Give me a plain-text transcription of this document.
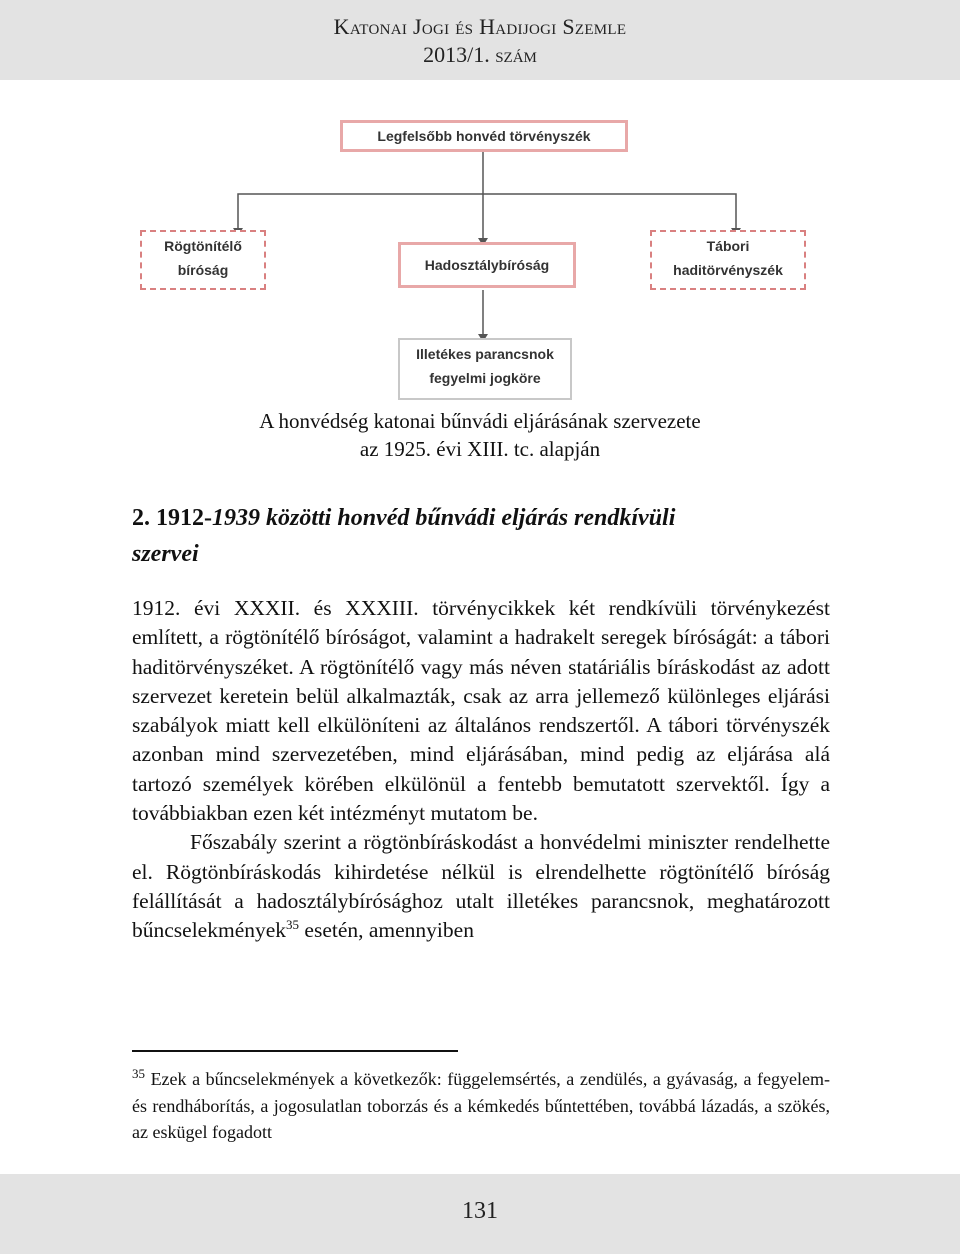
Katonai Jogi és Hadijogi Szemle
2013/1. szám
Legfelsőbb honvéd törvényszék
Rögtönítélő bíróság	Hadosztálybíróság
Tábori haditörvényszék
Illetékes parancsnok fegyelmi jogköre
A honvédség katonai bűnvádi eljárásának szervezete
az 1925. évi XIII. tc. alapján
2. 1912-1939 közötti honvéd bűnvádi eljárás rendkívüli
szervei

1912. évi XXXII. és XXXIII. törvénycikkek két rendkívüli törvénykezést említett, a rögtönítélő bíróságot, valamint a hadrakelt seregek bíróságát: a tábori haditörvényszéket. A rögtönítélő vagy más néven statáriális bíráskodást az adott szervezet keretein belül alkalmazták, csak az arra jellemező különleges eljárási szabályok miatt kell elkülöníteni az általános rendszertől. A tábori törvényszék azonban mind szervezetében, mind eljárásában, mind pedig az eljárása alá tartozó személyek körében elkülönül a fentebb bemutatott szervektől. Így a továbbiakban ezen két intézményt mutatom be.

Főszabály szerint a rögtönbíráskodást a honvédelmi miniszter rendelhette el. Rögtönbíráskodás kihirdetése nélkül is elrendelhette rögtönítélő bíróság felállítását a hadosztálybírósághoz utalt illetékes parancsnok, meghatározott bűncselekmények$^{35}$ esetén, amennyiben

$^{35}$ Ezek a bűncselekmények a következők: függelemsértés, a zendülés, a gyávaság, a fegyelem- és rendháborítás, a jogosulatlan toborzás és a kémkedés bűntettében, továbbá lázadás, a szökés, az eskügel fogadott
131
